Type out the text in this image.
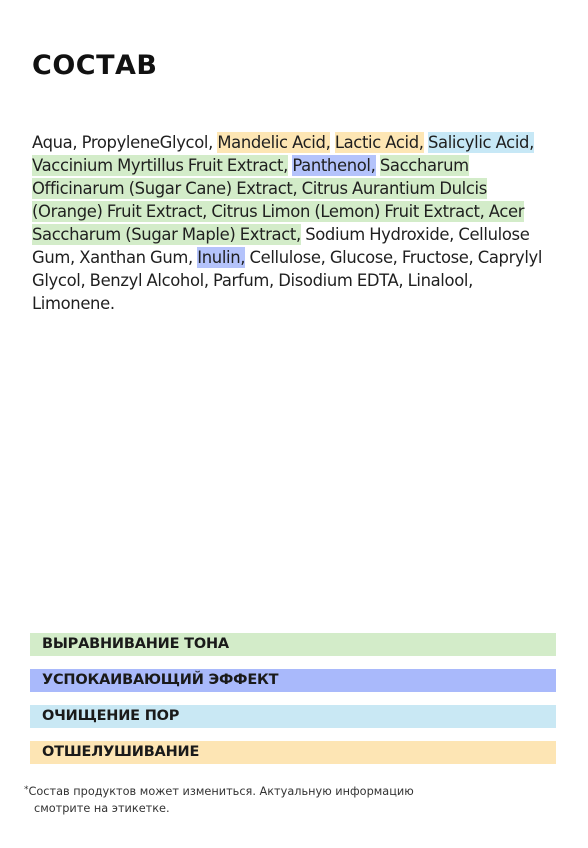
СОСТАВ
Aqua, PropyleneGlycol, Mandelic Acid, Lactic Acid, Salicylic Acid, Vaccinium Myrtillus Fruit Extract, Panthenol, Saccharum Officinarum (Sugar Cane) Extract, Citrus Aurantium Dulcis (Orange) Fruit Extract, Citrus Limon (Lemon) Fruit Extract, Acer Saccharum (Sugar Maple) Extract, Sodium Hydroxide, Cellulose Gum, Xanthan Gum, Inulin, Cellulose, Glucose, Fructose, Caprylyl Glycol, Benzyl Alcohol, Parfum, Disodium EDTA, Linalool, Limonene.
ВЫРАВНИВАНИЕ ТОНА
УСПОКАИВАЮЩИЙ ЭФФЕКТ
ОЧИЩЕНИЕ ПОР
ОТШЕЛУШИВАНИЕ
*Состав продуктов может измениться. Актуальную информацию
смотрите на этикетке.
